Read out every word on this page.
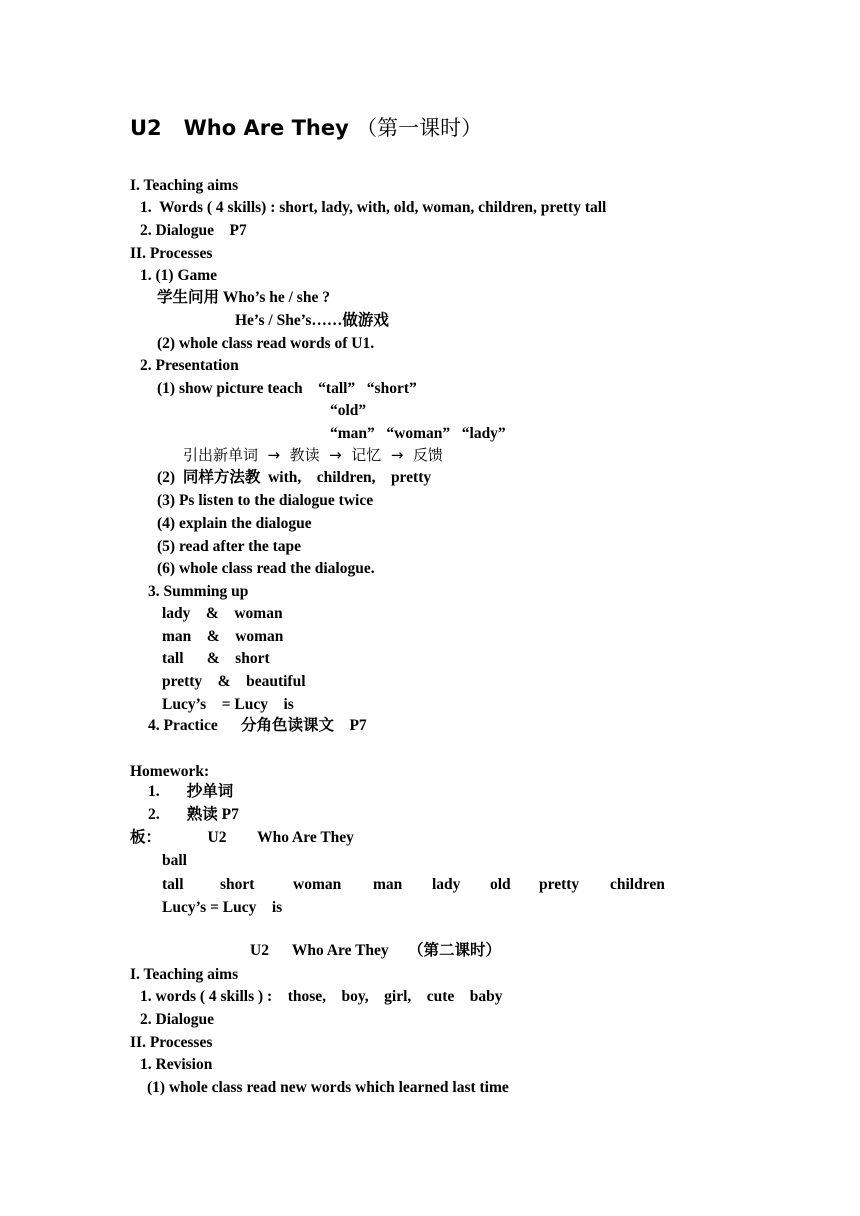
U2   Who Are They （第一课时）

I. Teaching aims

1.  Words ( 4 skills) : short, lady, with, old, woman, children, pretty tall

2. Dialogue    P7

II. Processes

1. (1) Game

学生问用 Who’s he / she ?

He’s / She’s……做游戏

(2) whole class read words of U1.

2. Presentation

(1) show picture teach    “tall”   “short”

“old”

“man”   “woman”   “lady”

引出新单词  →  教读  →  记忆  →  反馈

(2)  同样方法教  with,    children,    pretty

(3) Ps listen to the dialogue twice

(4) explain the dialogue

(5) read after the tape

(6) whole class read the dialogue.

3. Summing up

lady    &    woman

man    &    woman

tall      &    short

pretty    &    beautiful

Lucy’s    = Lucy    is

4. Practice      分角色读课文    P7

Homework:

1.       抄单词

2.       熟读 P7

板：            U2        Who Are They

ball

tall short woman man lady old pretty children

Lucy’s = Lucy    is

U2      Who Are They     （第二课时）

I. Teaching aims

1. words ( 4 skills ) :    those,    boy,    girl,    cute    baby

2. Dialogue

II. Processes

1. Revision

(1) whole class read new words which learned last time
